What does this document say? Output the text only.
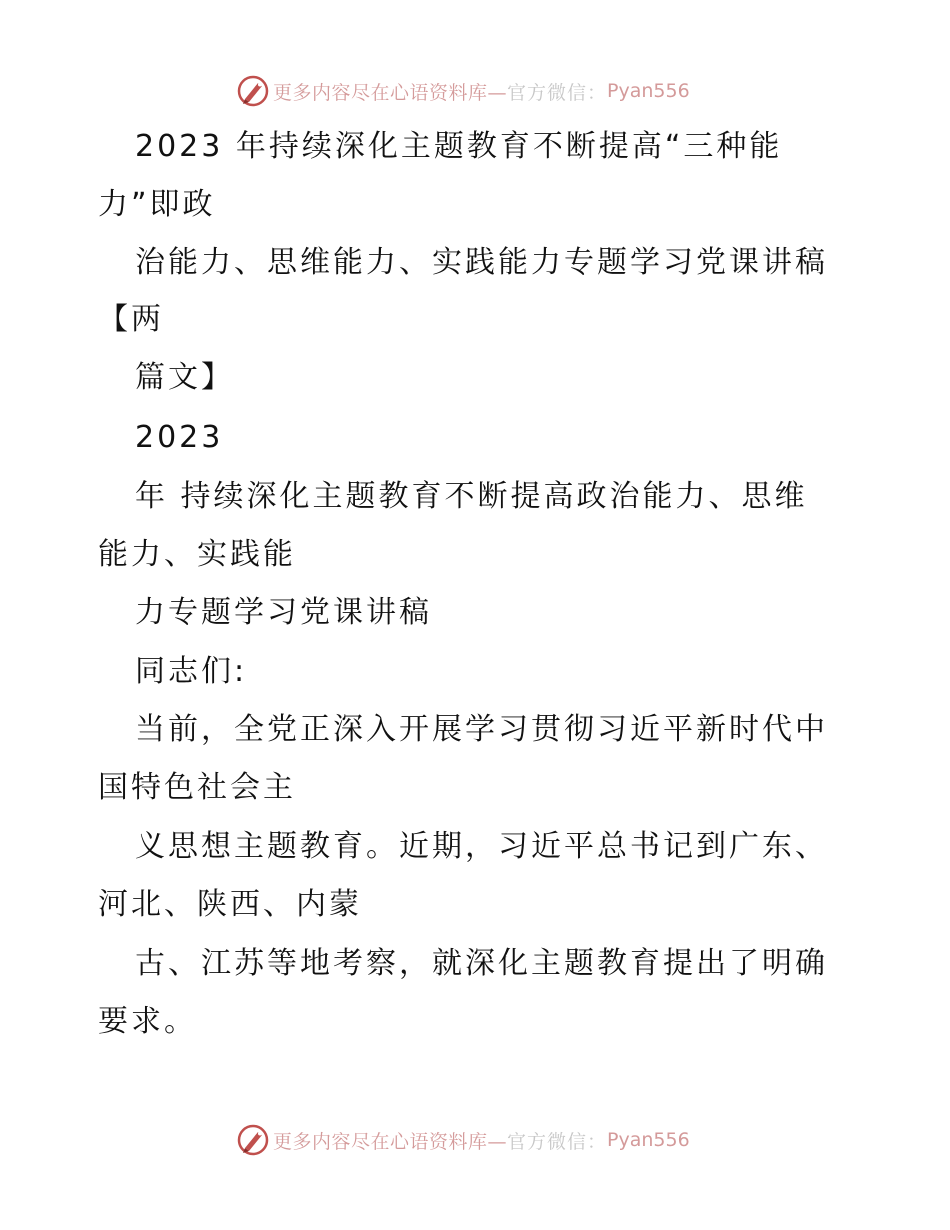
更多内容尽在心语资料库— 官方微信： Pyan556
2023 年持续深化主题教育不断提高“三种能
力”即政
治能力、思维能力、实践能力专题学习党课讲稿
【两
篇文】
2023
年 持续深化主题教育不断提高政治能力、思维
能力、实践能
力专题学习党课讲稿
同志们:
当前，全党正深入开展学习贯彻习近平新时代中
国特色社会主
义思想主题教育。近期，习近平总书记到广东、
河北、陕西、内蒙
古、江苏等地考察，就深化主题教育提出了明确
要求。
更多内容尽在心语资料库— 官方微信： Pyan556
